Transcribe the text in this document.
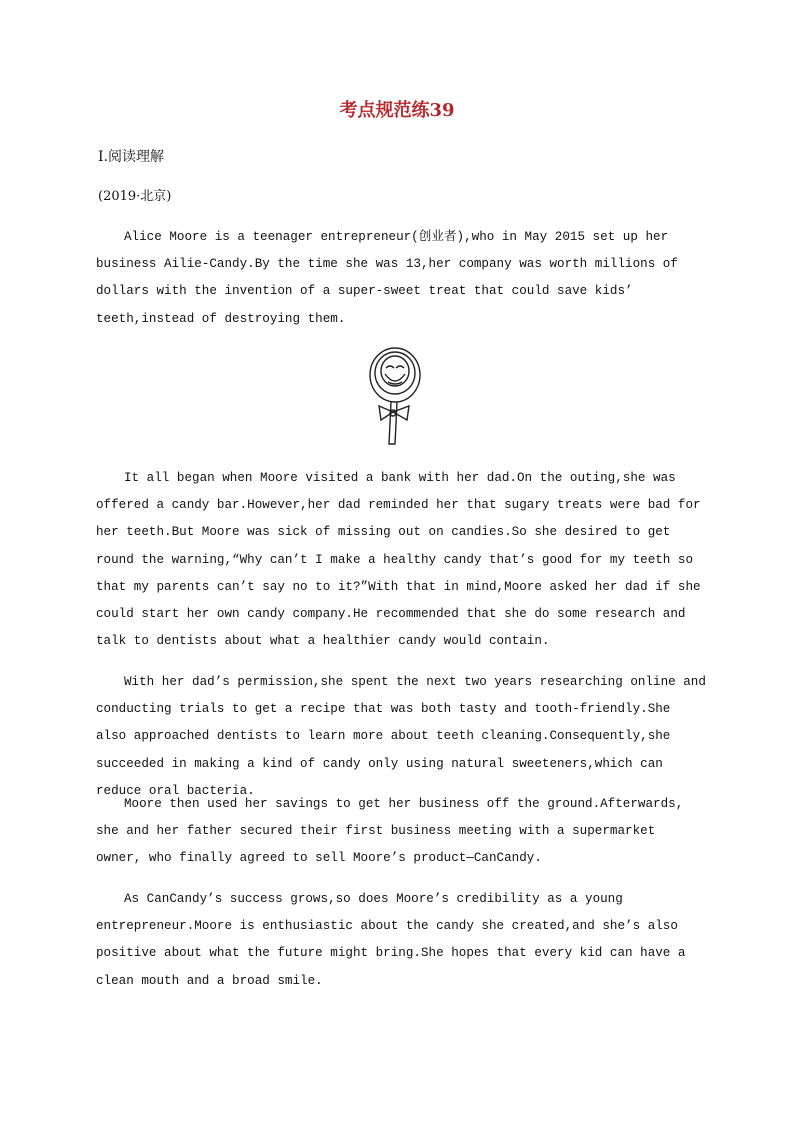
考点规范练39
Ⅰ.阅读理解
(2019·北京)

Alice Moore is a teenager entrepreneur(创业者),who in May 2015 set up her business Ailie-Candy.By the time she was 13,her company was worth millions of dollars with the invention of a super-sweet treat that could save kids’ teeth,instead of destroying them.

It all began when Moore visited a bank with her dad.On the outing,she was offered a candy bar.However,her dad reminded her that sugary treats were bad for her teeth.But Moore was sick of missing out on candies.So she desired to get round the warning,“Why can’t I make a healthy candy that’s good for my teeth so that my parents can’t say no to it?”With that in mind,Moore asked her dad if she could start her own candy company.He recommended that she do some research and talk to dentists about what a healthier candy would contain.

With her dad’s permission,she spent the next two years researching online and conducting trials to get a recipe that was both tasty and tooth-friendly.She also approached dentists to learn more about teeth cleaning.Consequently,she succeeded in making a kind of candy only using natural sweeteners,which can reduce oral bacteria.

Moore then used her savings to get her business off the ground.Afterwards, she and her father secured their first business meeting with a supermarket owner, who finally agreed to sell Moore’s product—CanCandy.

As CanCandy’s success grows,so does Moore’s credibility as a young entrepreneur.Moore is enthusiastic about the candy she created,and she’s also positive about what the future might bring.She hopes that every kid can have a clean mouth and a broad smile.
